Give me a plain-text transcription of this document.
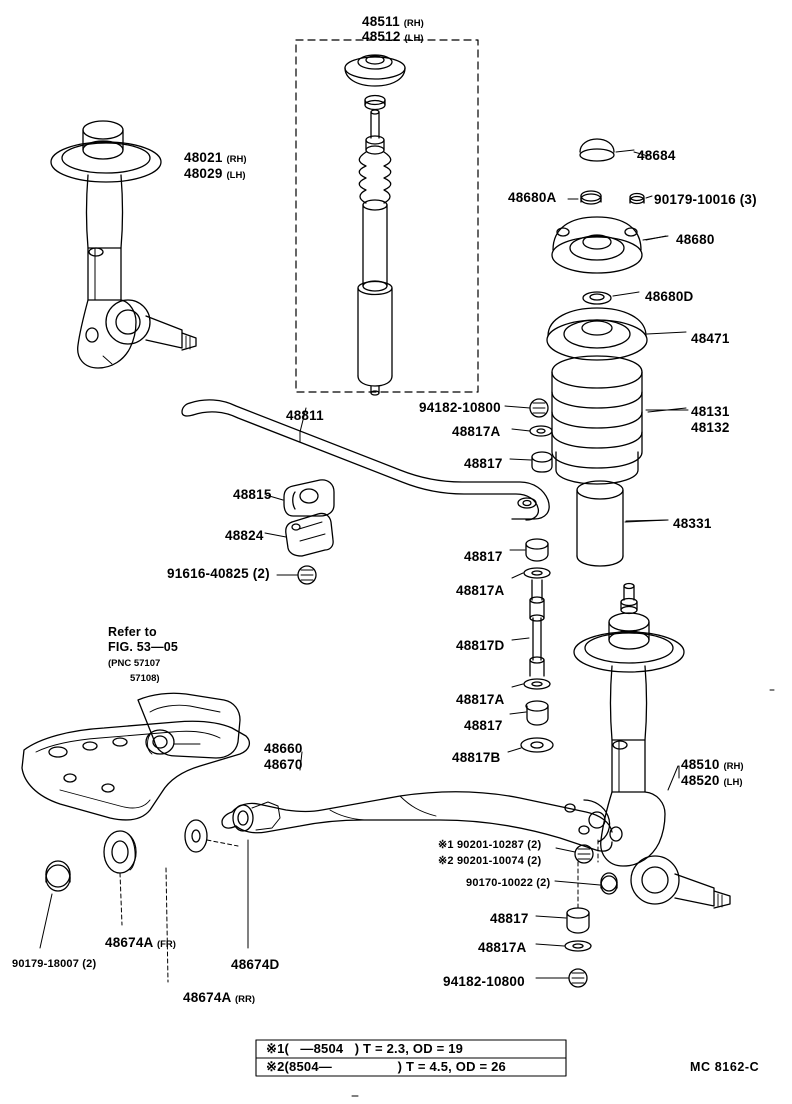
48511 (RH)
48512 (LH)
48021 (RH)
48029 (LH)
48684
48680A	90179-10016 (3)
48680
48680D
48471
48131
48132
48811
94182-10800
48817A
48817
48815
48824
91616-40825 (2)
48331
48817
48817A
48817D
48817A
48817
48817B
48660
48670	48510 (RH)
48520 (LH)
※1 90201-10287 (2)
※2 90201-10074 (2)
90170-10022 (2)
48817
48817A
94182-10800
48674A (FR)
90179-18007 (2)	48674D
48674A (RR)
Refer to
FIG. 53—05
(PNC 57107
57108)
※1( —8504 ) T = 2.3, OD = 19
※2(8504—	) T = 4.5, OD = 26	MC 8162-C
